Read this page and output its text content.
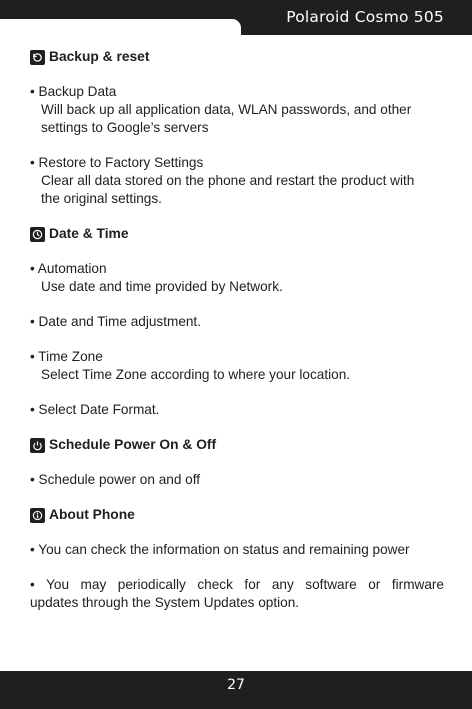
Polaroid Cosmo 505
Backup & reset
• Backup Data
Will back up all application data, WLAN passwords, and other
settings to Google’s servers
• Restore to Factory Settings
Clear all data stored on the phone and restart the product with
the original settings.
Date & Time
• Automation
Use date and time provided by Network.
• Date and Time adjustment.
• Time Zone
Select Time Zone according to where your location.
• Select Date Format.
Schedule Power On & Off
• Schedule power on and off
About Phone
• You can check the information on status and remaining power
• You may periodically check for any software or firmware
updates through the System Updates option.
27
